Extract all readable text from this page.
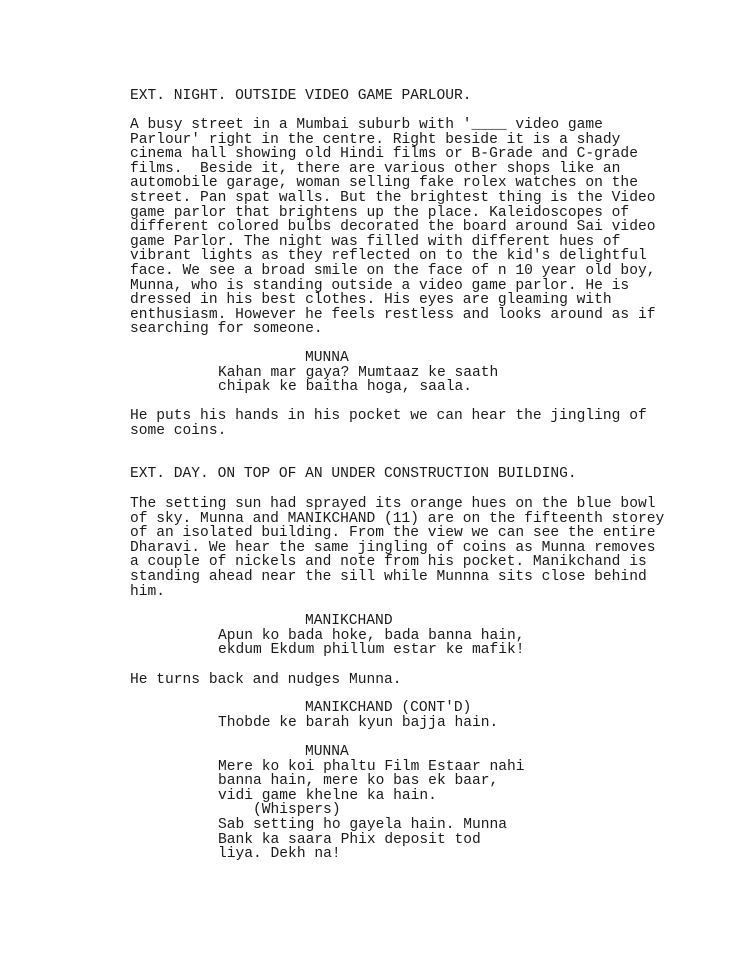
EXT. NIGHT. OUTSIDE VIDEO GAME PARLOUR.
A busy street in a Mumbai suburb with '____ video game
Parlour' right in the centre. Right beside it is a shady
cinema hall showing old Hindi films or B-Grade and C-grade
films.  Beside it, there are various other shops like an
automobile garage, woman selling fake rolex watches on the
street. Pan spat walls. But the brightest thing is the Video
game parlor that brightens up the place. Kaleidoscopes of
different colored bulbs decorated the board around Sai video
game Parlor. The night was filled with different hues of
vibrant lights as they reflected on to the kid's delightful
face. We see a broad smile on the face of n 10 year old boy,
Munna, who is standing outside a video game parlor. He is
dressed in his best clothes. His eyes are gleaming with
enthusiasm. However he feels restless and looks around as if
searching for someone.
MUNNA
Kahan mar gaya? Mumtaaz ke saath
chipak ke baitha hoga, saala.
He puts his hands in his pocket we can hear the jingling of
some coins.
EXT. DAY. ON TOP OF AN UNDER CONSTRUCTION BUILDING.
The setting sun had sprayed its orange hues on the blue bowl
of sky. Munna and MANIKCHAND (11) are on the fifteenth storey
of an isolated building. From the view we can see the entire
Dharavi. We hear the same jingling of coins as Munna removes
a couple of nickels and note from his pocket. Manikchand is
standing ahead near the sill while Munnna sits close behind
him.
MANIKCHAND
Apun ko bada hoke, bada banna hain,
ekdum Ekdum phillum estar ke mafik!
He turns back and nudges Munna.
MANIKCHAND (CONT'D)
Thobde ke barah kyun bajja hain.
MUNNA
Mere ko koi phaltu Film Estaar nahi
banna hain, mere ko bas ek baar,
vidi game khelne ka hain.
(Whispers)
Sab setting ho gayela hain. Munna
Bank ka saara Phix deposit tod
liya. Dekh na!
